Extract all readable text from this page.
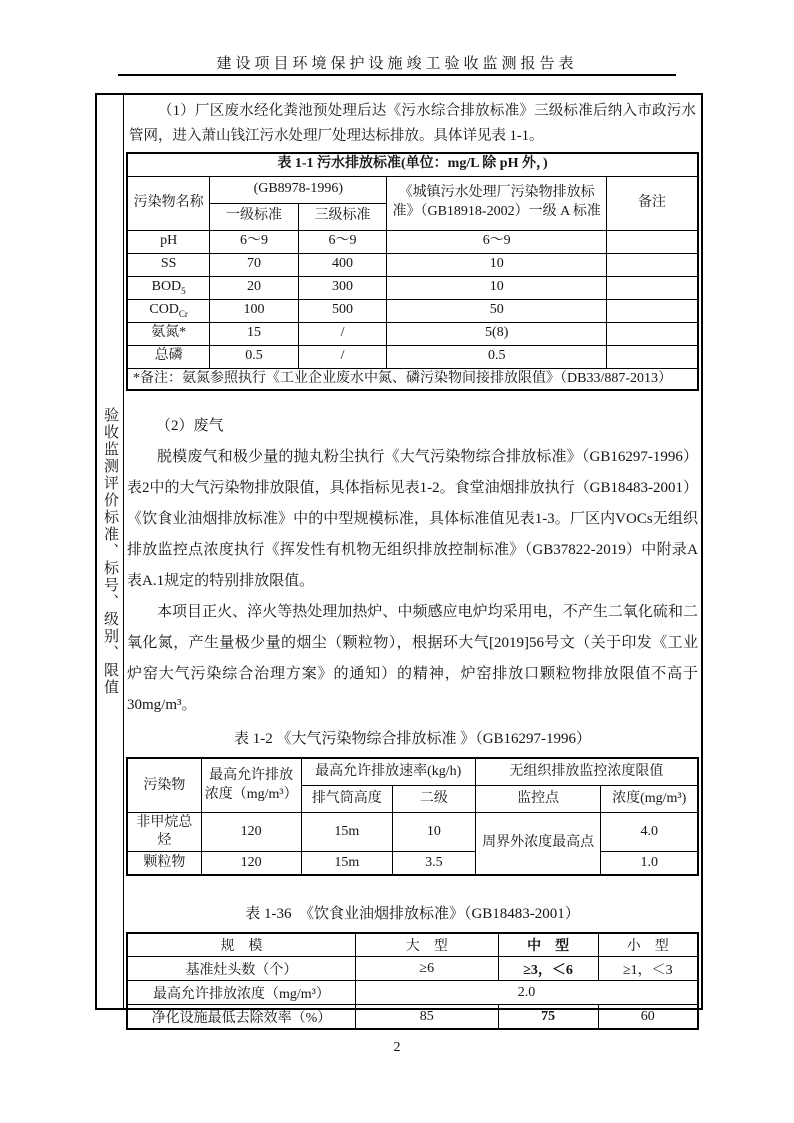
建设项目环境保护设施竣工验收监测报告表
验收监测评价标准、标号、级别、限值

（1）厂区废水经化粪池预处理后达《污水综合排放标准》三级标准后纳入市政污水管网，进入萧山钱江污水处理厂处理达标排放。具体详见表 1-1。

表 1-1 污水排放标准(单位：mg/L 除 pH 外，)				
污染物名称	(GB8978-1996)		《城镇污水处理厂污染物排放标准》（GB18918-2002）一级 A 标准	备注
	一级标准	三级标准		
pH	6～9	6～9	6～9	
SS	70	400	10	
$BOD_5$	20	300	10	
$COD_{Cr}$	100	500	50	
氨氮*	15	/	5(8)	
总磷	0.5	/	0.5	
*备注：氨氮参照执行《工业企业废水中氮、磷污染物间接排放限值》（DB33/887-2013）				

（2）废气

脱模废气和极少量的抛丸粉尘执行《大气污染物综合排放标准》（GB16297-1996）表2中的大气污染物排放限值，具体指标见表1-2。食堂油烟排放执行（GB18483-2001）《饮食业油烟排放标准》中的中型规模标准，具体标准值见表1-3。厂区内VOCs无组织排放监控点浓度执行《挥发性有机物无组织排放控制标准》（GB37822-2019）中附录A表A.1规定的特别排放限值。

本项目正火、淬火等热处理加热炉、中频感应电炉均采用电，不产生二氧化硫和二氧化氮，产生量极少量的烟尘（颗粒物），根据环大气[2019]56号文（关于印发《工业炉窑大气污染综合治理方案》的通知）的精神，炉窑排放口颗粒物排放限值不高于30mg/m³。

表 1-2 《大气污染物综合排放标准 》（GB16297-1996）

污染物	最高允许排放浓度（mg/m³）	最高允许排放速率(kg/h)		无组织排放监控浓度限值	
		排气筒高度	二级	监控点	浓度(mg/m³)
非甲烷总烃	120	15m	10	周界外浓度最高点	4.0
颗粒物	120	15m	3.5		1.0

表 1-36　《饮食业油烟排放标准》（GB18483-2001）

规　模	大　型	中　型	小　型
基准灶头数（个）	≥6	≥3，＜6	≥1，＜3
最高允许排放浓度（mg/m³）	2.0		
净化设施最低去除效率（%）	85	75	60
2
